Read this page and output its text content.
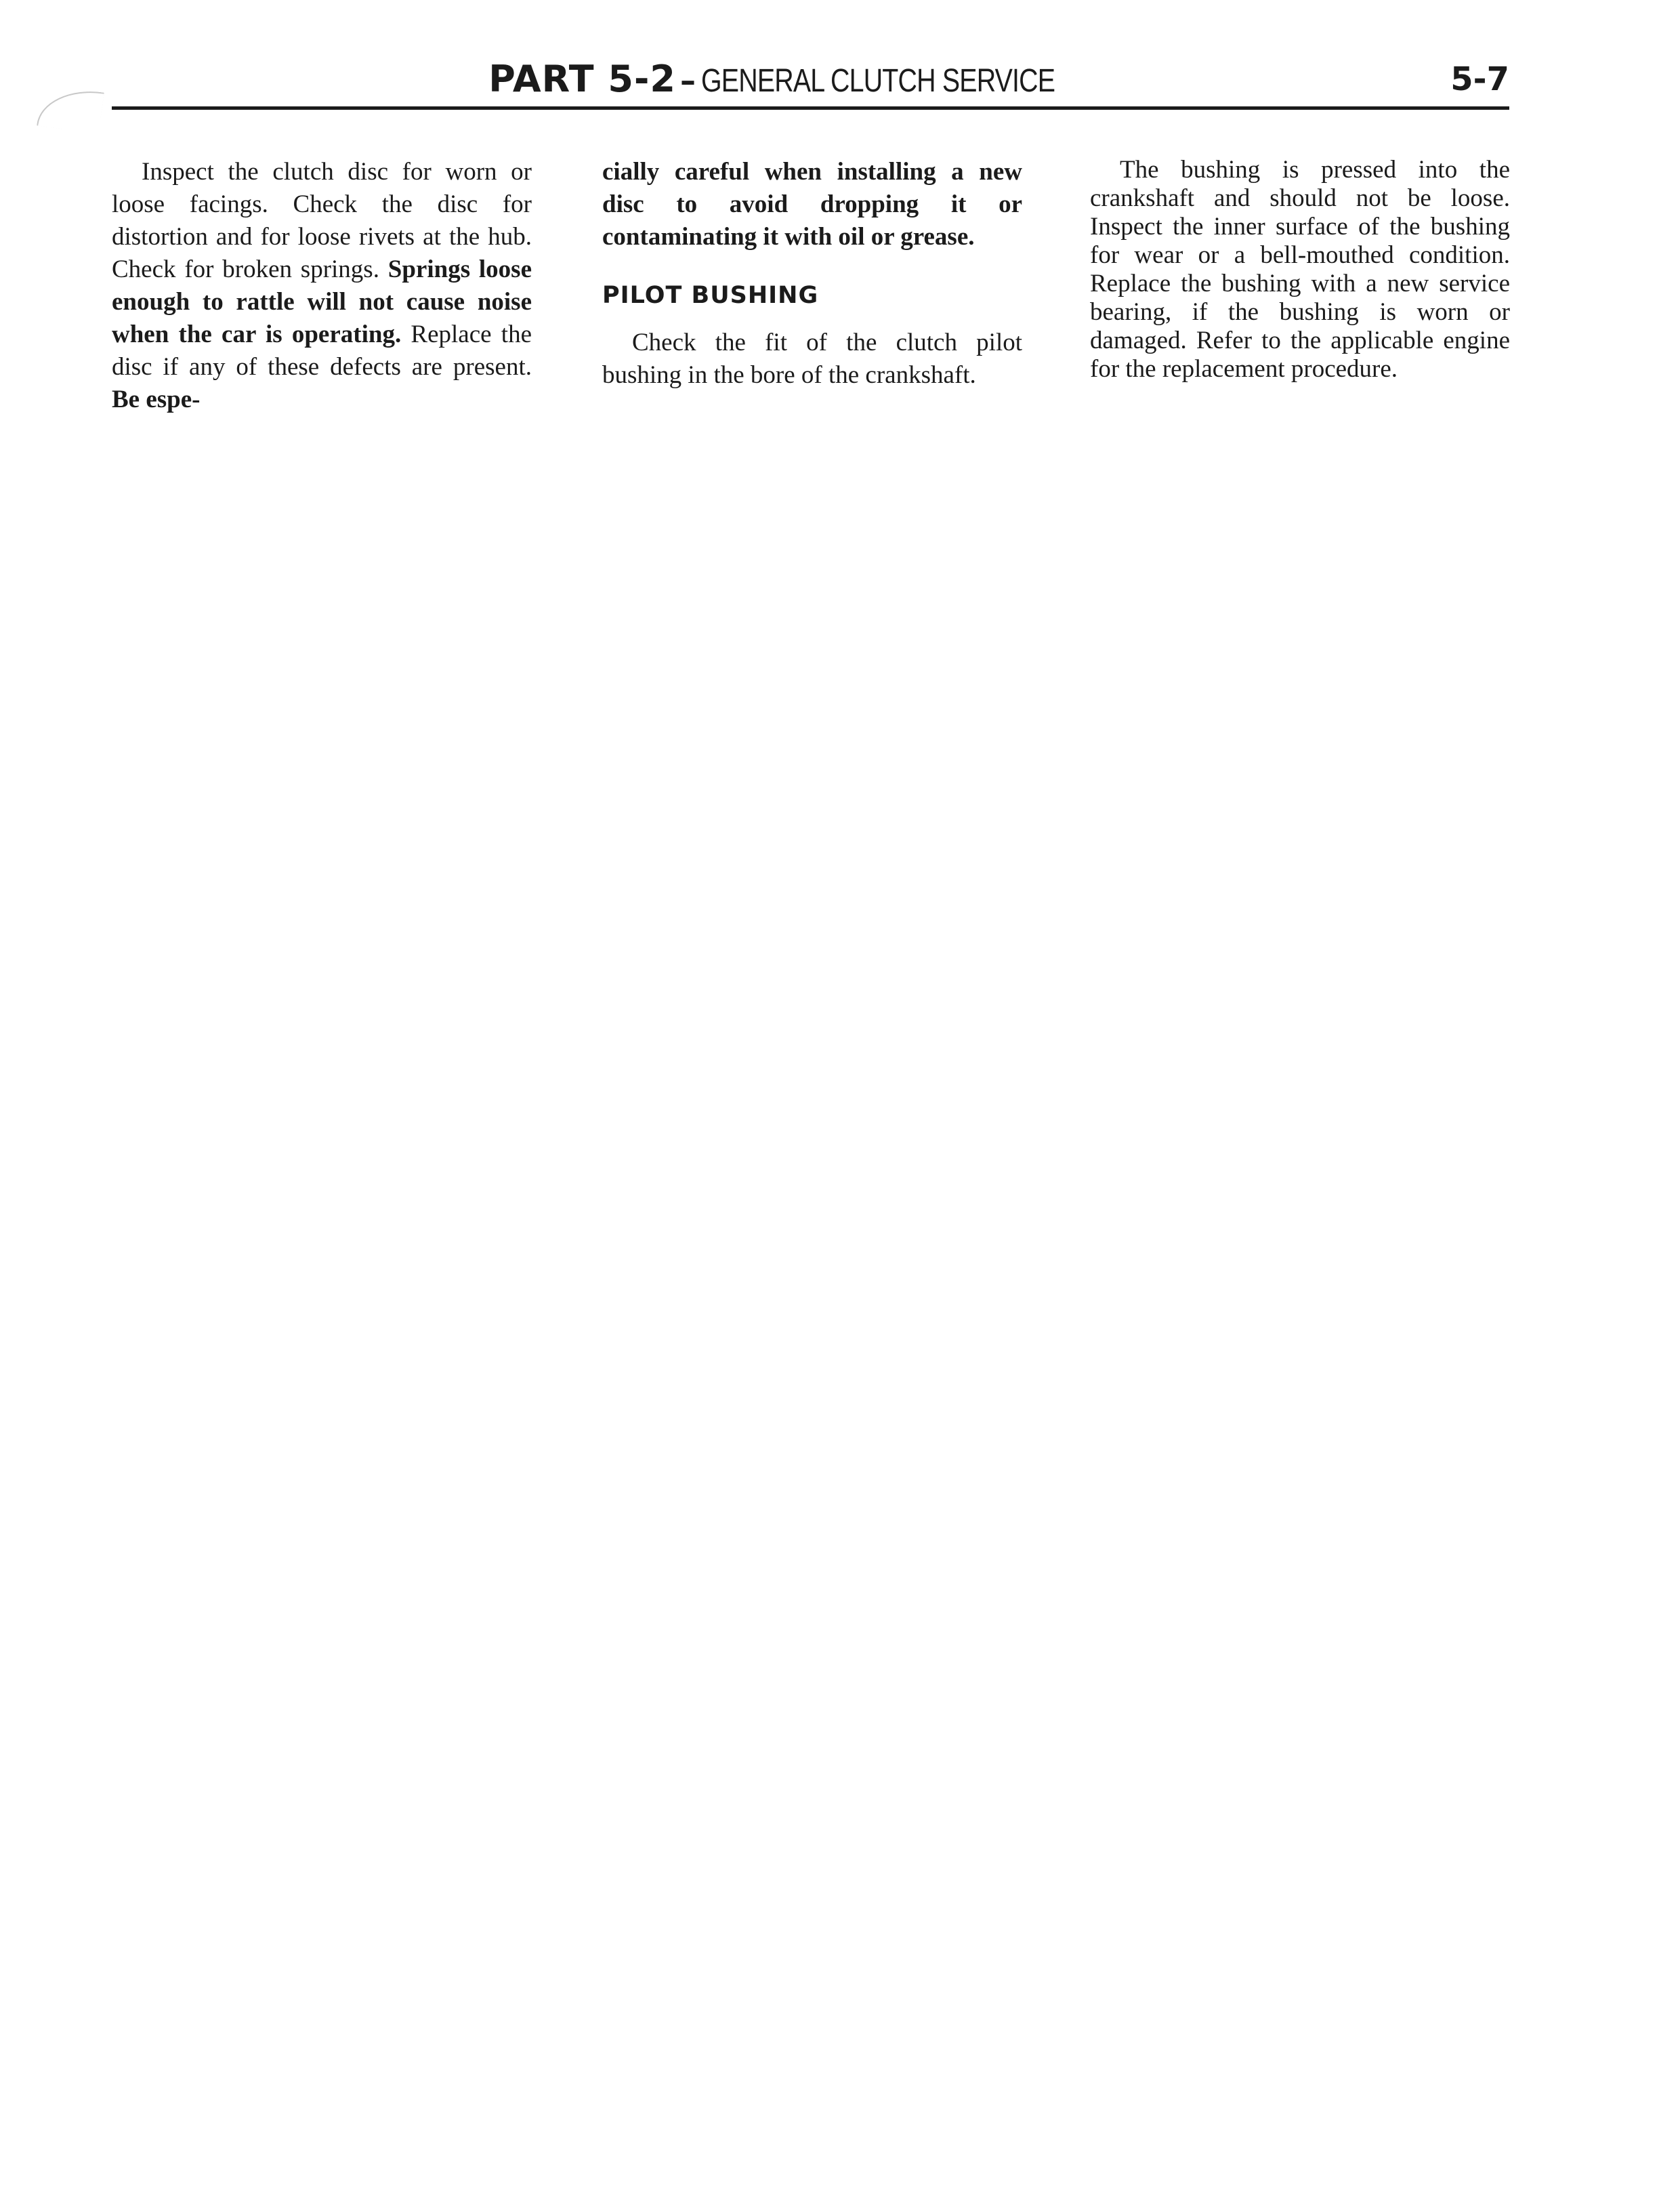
PART 5-2 – GENERAL CLUTCH SERVICE	5-7

Inspect the clutch disc for worn or loose facings. Check the disc for distortion and for loose rivets at the hub. Check for broken springs. Springs loose enough to rattle will not cause noise when the car is operating. Replace the disc if any of these defects are present. Be espe-

cially careful when installing a new disc to avoid dropping it or contaminating it with oil or grease.

PILOT BUSHING

Check the fit of the clutch pilot bushing in the bore of the crankshaft.

The bushing is pressed into the crankshaft and should not be loose. Inspect the inner surface of the bushing for wear or a bell-mouthed condition. Replace the bushing with a new service bearing, if the bushing is worn or damaged. Refer to the applicable engine for the replacement procedure.
